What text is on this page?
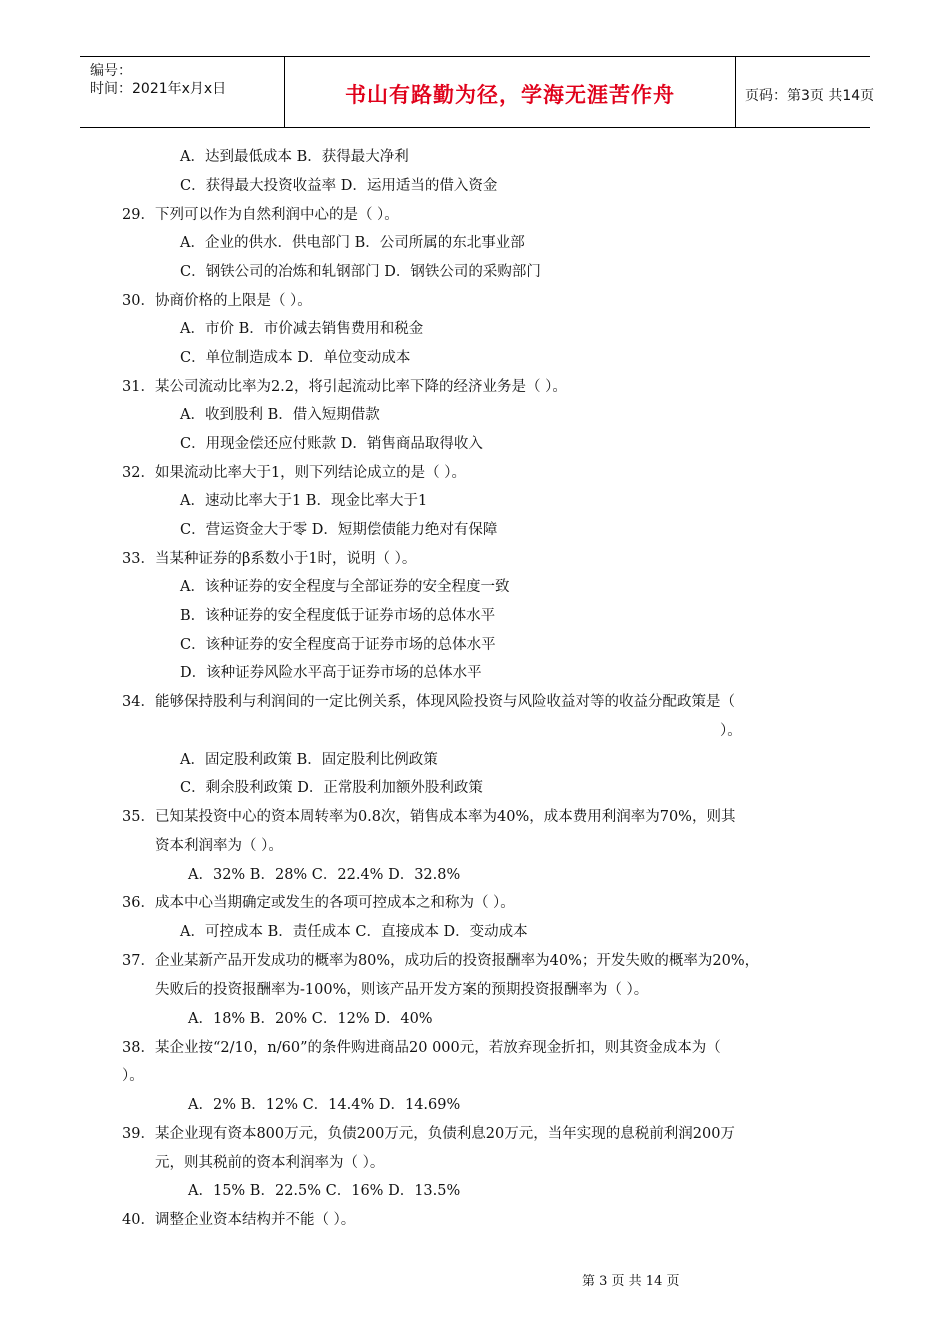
编号：
时间：2021年x月x日	书山有路勤为径，学海无涯苦作舟	页码：第3页 共14页
A．达到最低成本 B．获得最大净利
C．获得最大投资收益率 D．运用适当的借入资金
29．下列可以作为自然利润中心的是（ ）。
A．企业的供水．供电部门 B．公司所属的东北事业部
C．钢铁公司的冶炼和轧钢部门 D．钢铁公司的采购部门
30．协商价格的上限是（ ）。
A．市价 B．市价减去销售费用和税金
C．单位制造成本 D．单位变动成本
31．某公司流动比率为2.2，将引起流动比率下降的经济业务是（ ）。
A．收到股利 B．借入短期借款
C．用现金偿还应付账款 D．销售商品取得收入
32．如果流动比率大于1，则下列结论成立的是（ ）。
A．速动比率大于1 B．现金比率大于1
C．营运资金大于零 D．短期偿债能力绝对有保障
33．当某种证券的β系数小于1时，说明（ ）。
A．该种证券的安全程度与全部证券的安全程度一致
B．该种证券的安全程度低于证券市场的总体水平
C．该种证券的安全程度高于证券市场的总体水平
D．该种证券风险水平高于证券市场的总体水平
34．能够保持股利与利润间的一定比例关系，体现风险投资与风险收益对等的收益分配政策是（
）。
A．固定股利政策 B．固定股利比例政策
C．剩余股利政策 D．正常股利加额外股利政策
35．已知某投资中心的资本周转率为0.8次，销售成本率为40%，成本费用利润率为70%，则其
资本利润率为（ ）。
A．32% B．28% C．22.4% D．32.8%
36．成本中心当期确定或发生的各项可控成本之和称为（ ）。
A．可控成本 B．责任成本 C．直接成本 D．变动成本
37．企业某新产品开发成功的概率为80%，成功后的投资报酬率为40%；开发失败的概率为20%，
失败后的投资报酬率为-100%，则该产品开发方案的预期投资报酬率为（ ）。
A．18% B．20% C．12% D．40%
38．某企业按“2/10，n/60”的条件购进商品20 000元，若放弃现金折扣，则其资金成本为（
）。
A．2% B．12% C．14.4% D．14.69%
39．某企业现有资本800万元，负债200万元，负债利息20万元，当年实现的息税前利润200万
元，则其税前的资本利润率为（ ）。
A．15% B．22.5% C．16% D．13.5%
40．调整企业资本结构并不能（ ）。
第 3 页 共 14 页
